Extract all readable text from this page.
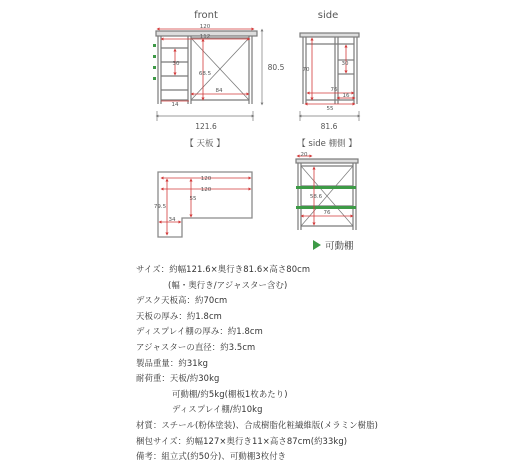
front
120
112
30
68.5
84
14
121.6
80.5
side
70
30
76
16
55
81.6
【 天板 】
120
120
55
79.5
34
【 side 棚側 】
20
58.6
76
可動棚
サイズ：約幅121.6×奥行き81.6×高さ80cm
(幅・奥行き/アジャスター含む)
デスク天板高：約70cm
天板の厚み：約1.8cm
ディスプレイ棚の厚み：約1.8cm
アジャスターの直径：約3.5cm
製品重量：約31kg
耐荷重：天板/約30kg
可動棚/約5kg(棚板1枚あたり)
ディスプレイ棚/約10kg
材質：スチール(粉体塗装)、合成樹脂化粧繊維版(メラミン樹脂)
梱包サイズ：約幅127×奥行き11×高さ87cm(約33kg)
備考：組立式(約50分)、可動棚3枚付き
